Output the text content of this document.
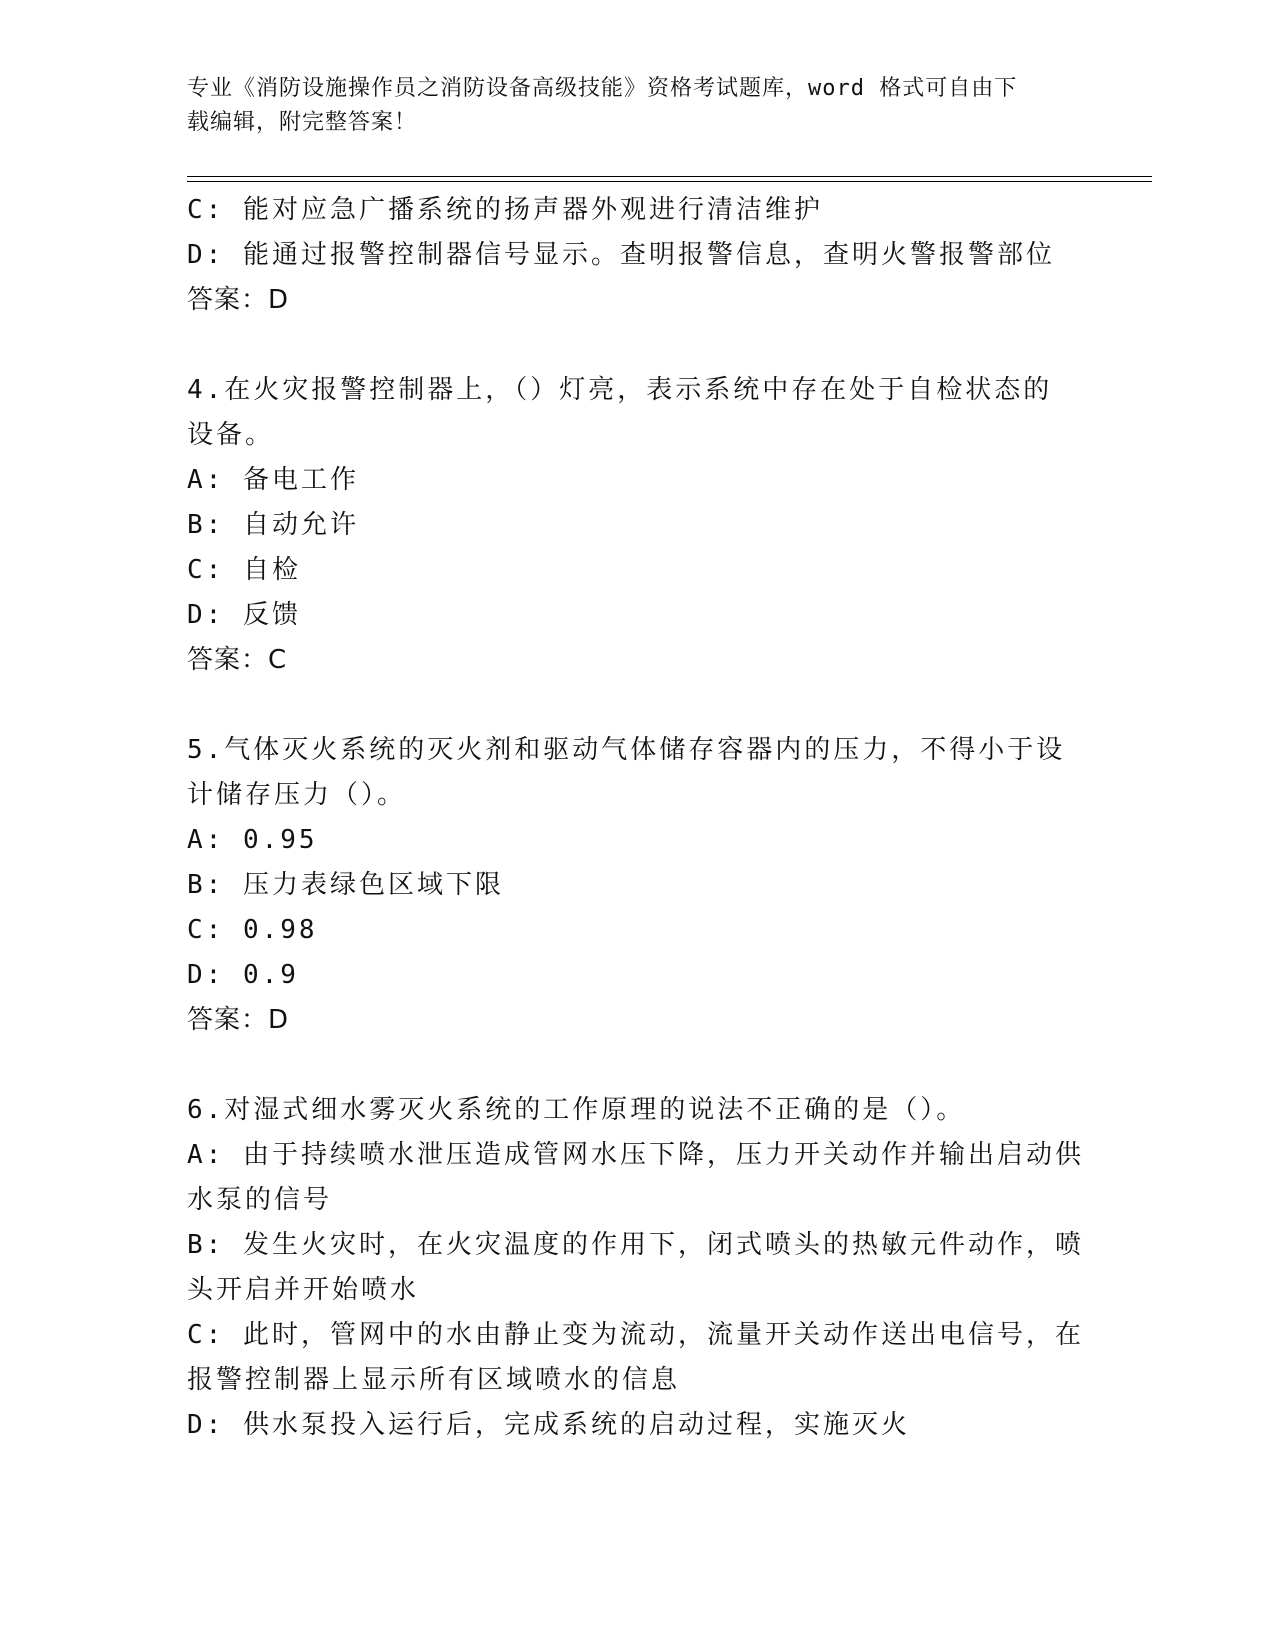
专业《消防设施操作员之消防设备高级技能》资格考试题库，word 格式可自由下
载编辑，附完整答案！
C: 能对应急广播系统的扬声器外观进行清洁维护
D: 能通过报警控制器信号显示。查明报警信息，查明火警报警部位
答案：D
4.在火灾报警控制器上，（）灯亮，表示系统中存在处于自检状态的
设备。
A: 备电工作
B: 自动允许
C: 自检
D: 反馈
答案：C
5.气体灭火系统的灭火剂和驱动气体储存容器内的压力，不得小于设
计储存压力（）。
A: 0.95
B: 压力表绿色区域下限
C: 0.98
D: 0.9
答案：D
6.对湿式细水雾灭火系统的工作原理的说法不正确的是（）。
A: 由于持续喷水泄压造成管网水压下降，压力开关动作并输出启动供
水泵的信号
B: 发生火灾时，在火灾温度的作用下，闭式喷头的热敏元件动作，喷
头开启并开始喷水
C: 此时，管网中的水由静止变为流动，流量开关动作送出电信号，在
报警控制器上显示所有区域喷水的信息
D: 供水泵投入运行后，完成系统的启动过程，实施灭火
